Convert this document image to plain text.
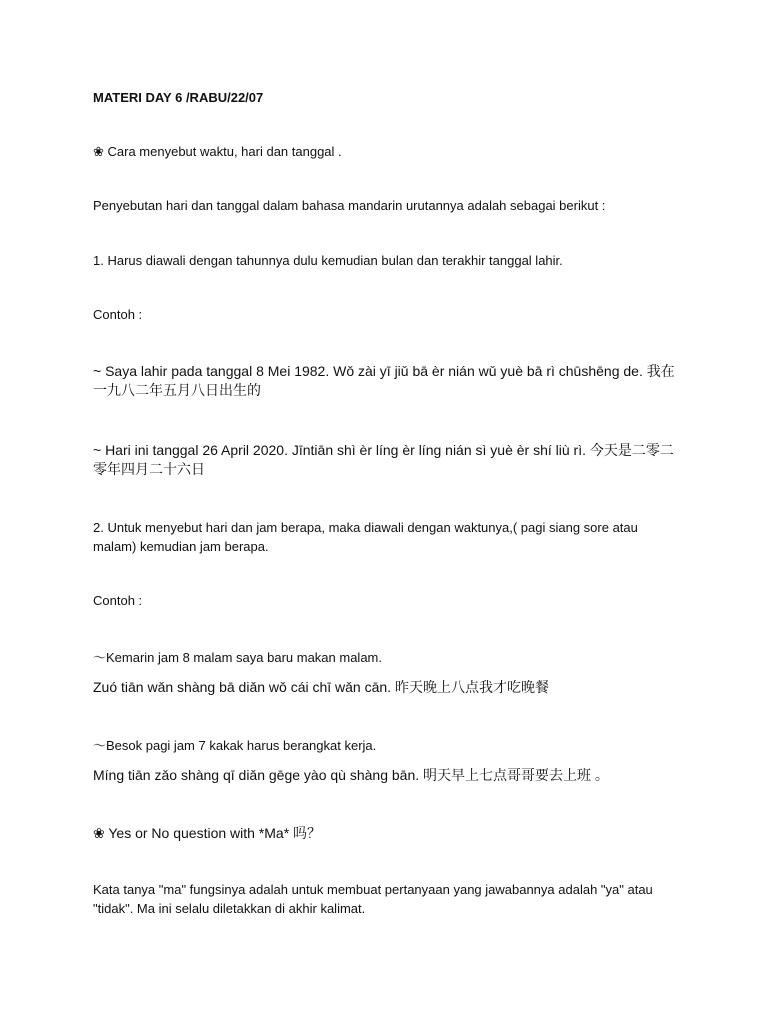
MATERI DAY 6 /RABU/22/07
❀ Cara menyebut waktu, hari dan tanggal .
Penyebutan hari dan tanggal dalam bahasa mandarin urutannya adalah sebagai berikut :
1. Harus diawali dengan tahunnya dulu kemudian bulan dan terakhir tanggal lahir.
Contoh :
~ Saya lahir pada tanggal 8 Mei 1982. Wǒ zài yī jiǔ bā èr nián wǔ yuè bā rì chūshēng de. 我在一九八二年五月八日出生的
~ Hari ini tanggal 26 April 2020. Jīntiān shì èr líng èr líng nián sì yuè èr shí liù rì. 今天是二零二零年四月二十六日
2. Untuk menyebut hari dan jam berapa, maka diawali dengan waktunya,( pagi siang sore atau malam) kemudian jam berapa.
Contoh :
〜Kemarin jam 8 malam saya baru makan malam.
Zuó tiān wǎn shàng bā diǎn wǒ cái chī wǎn cān. 昨天晚上八点我才吃晚餐
〜Besok pagi jam 7 kakak harus berangkat kerja.
Míng tiān zǎo shàng qī diǎn gēge yào qù shàng bān. 明天早上七点哥哥要去上班 。
❀ Yes or No question with *Ma* 吗？
Kata tanya "ma" fungsinya adalah untuk membuat pertanyaan yang jawabannya adalah "ya" atau "tidak". Ma ini selalu diletakkan di akhir kalimat.
